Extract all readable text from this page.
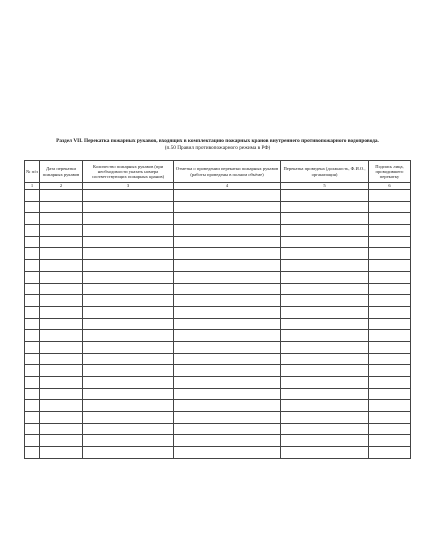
Раздел VII. Перекатка пожарных рукавов, входящих в комплектацию пожарных кранов внутреннего противопожарного водопровода.
(п.50 Правил противопожарного режима в РФ)
№ п/п	Дата перекатки пожарных рукавов	Количество пожарных рукавов (при необходимости указать номера соответствующих пожарных кранов)	Отметка о проведении перекатки пожарных рукавов (работы проведены в полном объёме)	Перекатка проведена (должность, Ф.И.О., организация)	Подпись лица, проводившего перекатку
1	2	3	4	5	6
